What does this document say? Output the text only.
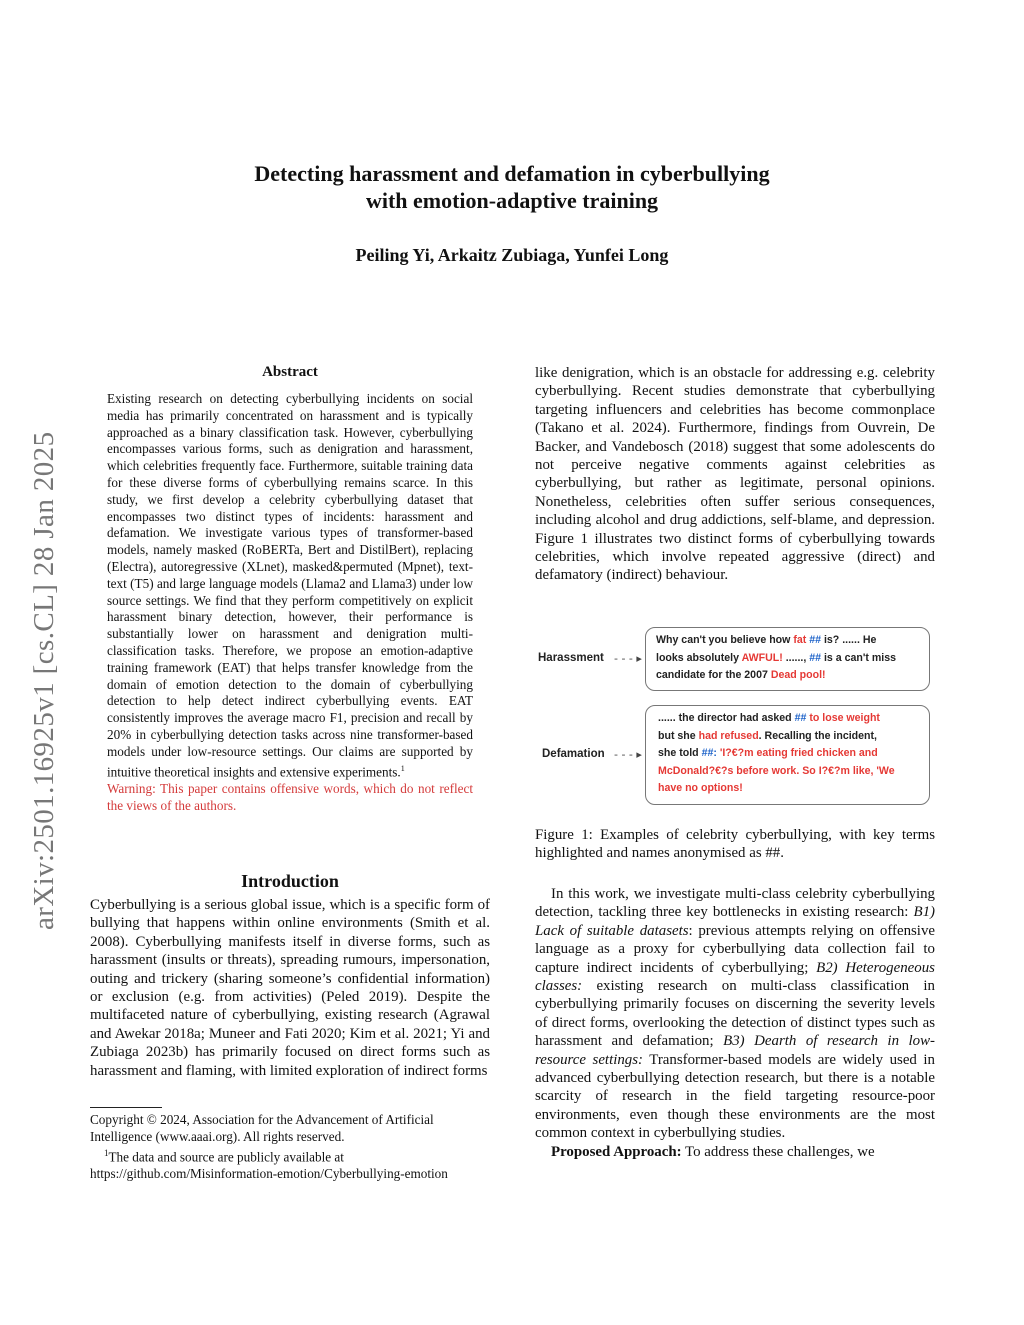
arXiv:2501.16925v1 [cs.CL] 28 Jan 2025
Detecting harassment and defamation in cyberbullying
with emotion-adaptive training
Peiling Yi, Arkaitz Zubiaga, Yunfei Long
Abstract
Existing research on detecting cyberbullying incidents on social media has primarily concentrated on harassment and is typically approached as a binary classification task. However, cyberbullying encompasses various forms, such as denigration and harassment, which celebrities frequently face. Furthermore, suitable training data for these diverse forms of cyberbullying remains scarce. In this study, we first develop a celebrity cyberbullying dataset that encompasses two distinct types of incidents: harassment and defamation. We investigate various types of transformer-based models, namely masked (RoBERTa, Bert and DistilBert), replacing (Electra), autoregressive (XLnet), masked&permuted (Mpnet), text-text (T5) and large language models (Llama2 and Llama3) under low source settings. We find that they perform competitively on explicit harassment binary detection, however, their performance is substantially lower on harassment and denigration multi-classification tasks. Therefore, we propose an emotion-adaptive training framework (EAT) that helps transfer knowledge from the domain of emotion detection to the domain of cyberbullying detection to help detect indirect cyberbullying events. EAT consistently improves the average macro F1, precision and recall by 20% in cyberbullying detection tasks across nine transformer-based models under low-resource settings. Our claims are supported by intuitive theoretical insights and extensive experiments.$^1$
Warning: This paper contains offensive words, which do not reflect the views of the authors.
Introduction
Cyberbullying is a serious global issue, which is a specific form of bullying that happens within online environments (Smith et al. 2008). Cyberbullying manifests itself in diverse forms, such as harassment (insults or threats), spreading rumours, impersonation, outing and trickery (sharing someone’s confidential information) or exclusion (e.g. from activities) (Peled 2019). Despite the multifaceted nature of cyberbullying, existing research (Agrawal and Awekar 2018a; Muneer and Fati 2020; Kim et al. 2021; Yi and Zubiaga 2023b) has primarily focused on direct forms such as harassment and flaming, with limited exploration of indirect forms

Copyright © 2024, Association for the Advancement of Artificial Intelligence (www.aaai.org). All rights reserved.

$^1$The data and source are publicly available at https://github.com/Misinformation-emotion/Cyberbullying-emotion

like denigration, which is an obstacle for addressing e.g. celebrity cyberbullying. Recent studies demonstrate that cyberbullying targeting influencers and celebrities has become commonplace (Takano et al. 2024). Furthermore, findings from Ouvrein, De Backer, and Vandebosch (2018) suggest that some adolescents do not perceive negative comments against celebrities as cyberbullying, but rather as legitimate, personal opinions. Nonetheless, celebrities often suffer serious consequences, including alcohol and drug addictions, self-blame, and depression. Figure 1 illustrates two distinct forms of cyberbullying towards celebrities, which involve repeated aggressive (direct) and defamatory (indirect) behaviour.
Harassment - - - ▸
Why can't you believe how fat ## is? ...... He
looks absolutely AWFUL! ......, ## is a can't miss
candidate for the 2007 Dead pool!
Defamation - - - ▸
...... the director had asked ## to lose weight
but she had refused. Recalling the incident,
she told ##: 'I?€?m eating fried chicken and
McDonald?€?s before work. So I?€?m like, 'We
have no options!
Figure 1: Examples of celebrity cyberbullying, with key terms highlighted and names anonymised as ##.

In this work, we investigate multi-class celebrity cyberbullying detection, tackling three key bottlenecks in existing research: B1) Lack of suitable datasets: previous attempts relying on offensive language as a proxy for cyberbullying data collection fail to capture indirect incidents of cyberbullying; B2) Heterogeneous classes: existing research on multi-class classification in cyberbullying primarily focuses on discerning the severity levels of direct forms, overlooking the detection of distinct types such as harassment and defamation; B3) Dearth of research in low-resource settings: Transformer-based models are widely used in advanced cyberbullying detection research, but there is a notable scarcity of research in the field targeting resource-poor environments, even though these environments are the most common context in cyberbullying studies.

Proposed Approach: To address these challenges, we
